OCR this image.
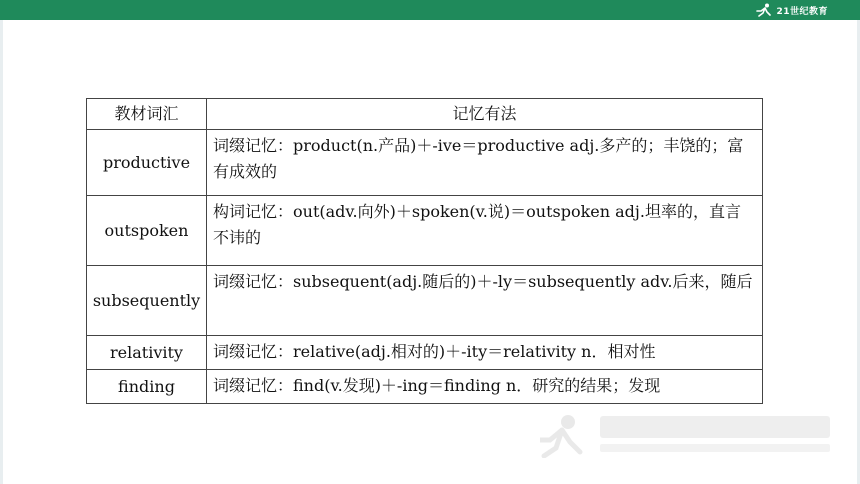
21世纪教育
教材词汇	记忆有法
productive	词缀记忆：product(n.产品)＋-ive＝productive adj.多产的；丰饶的；富有成效的

outspoken	构词记忆：out(adv.向外)＋spoken(v.说)＝outspoken adj.坦率的，直言不讳的

subsequently	词缀记忆：subsequent(adj.随后的)＋-ly＝subsequently adv.后来，随后

relativity	词缀记忆：relative(adj.相对的)＋-ity＝relativity n．相对性

finding	词缀记忆：find(v.发现)＋-ing＝finding n．研究的结果；发现
